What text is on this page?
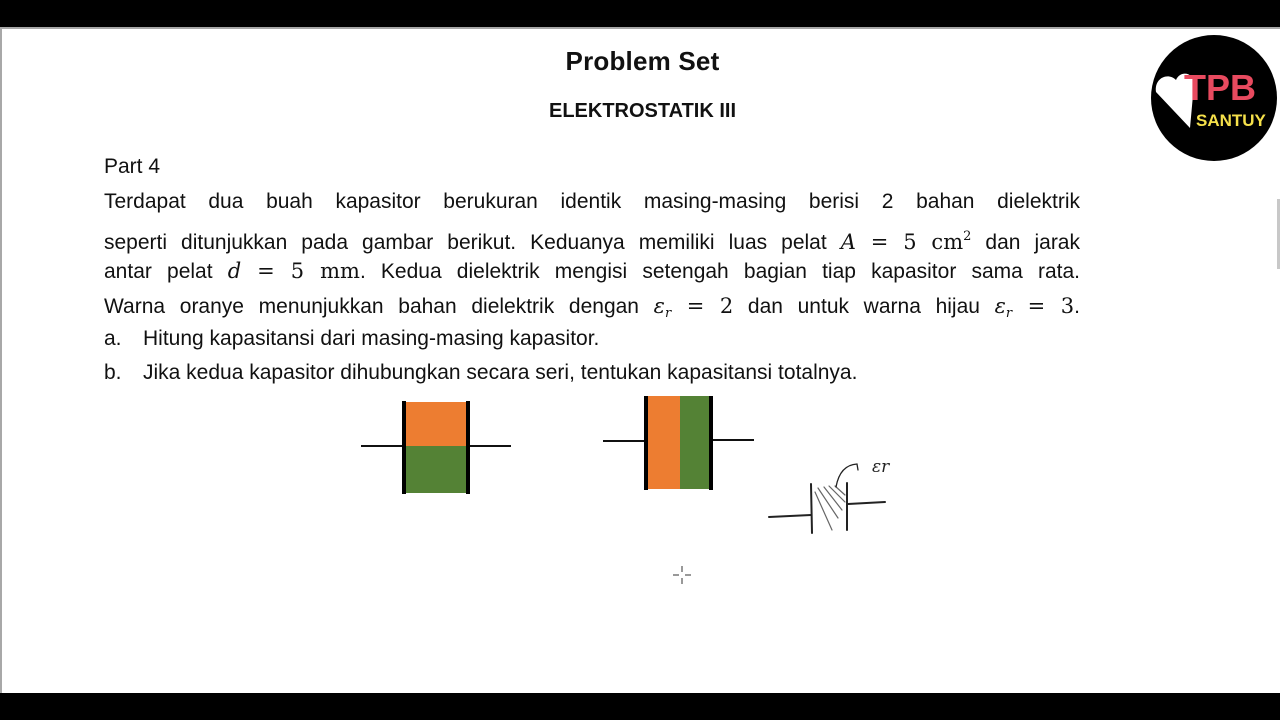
Problem Set
ELEKTROSTATIK III
Part 4
Terdapat dua buah kapasitor berukuran identik masing-masing berisi 2 bahan dielektrik
seperti ditunjukkan pada gambar berikut. Keduanya memiliki luas pelat A = 5 $cm^2$ dan jarak
antar pelat d = 5 mm. Kedua dielektrik mengisi setengah bagian tiap kapasitor sama rata.
Warna oranye menunjukkan bahan dielektrik dengan $\varepsilon_r = 2$ dan untuk warna hijau $\varepsilon_r = 3$.
a. Hitung kapasitansi dari masing-masing kapasitor.
b. Jika kedua kapasitor dihubungkan secara seri, tentukan kapasitansi totalnya.
εr
TPB
SANTUY
